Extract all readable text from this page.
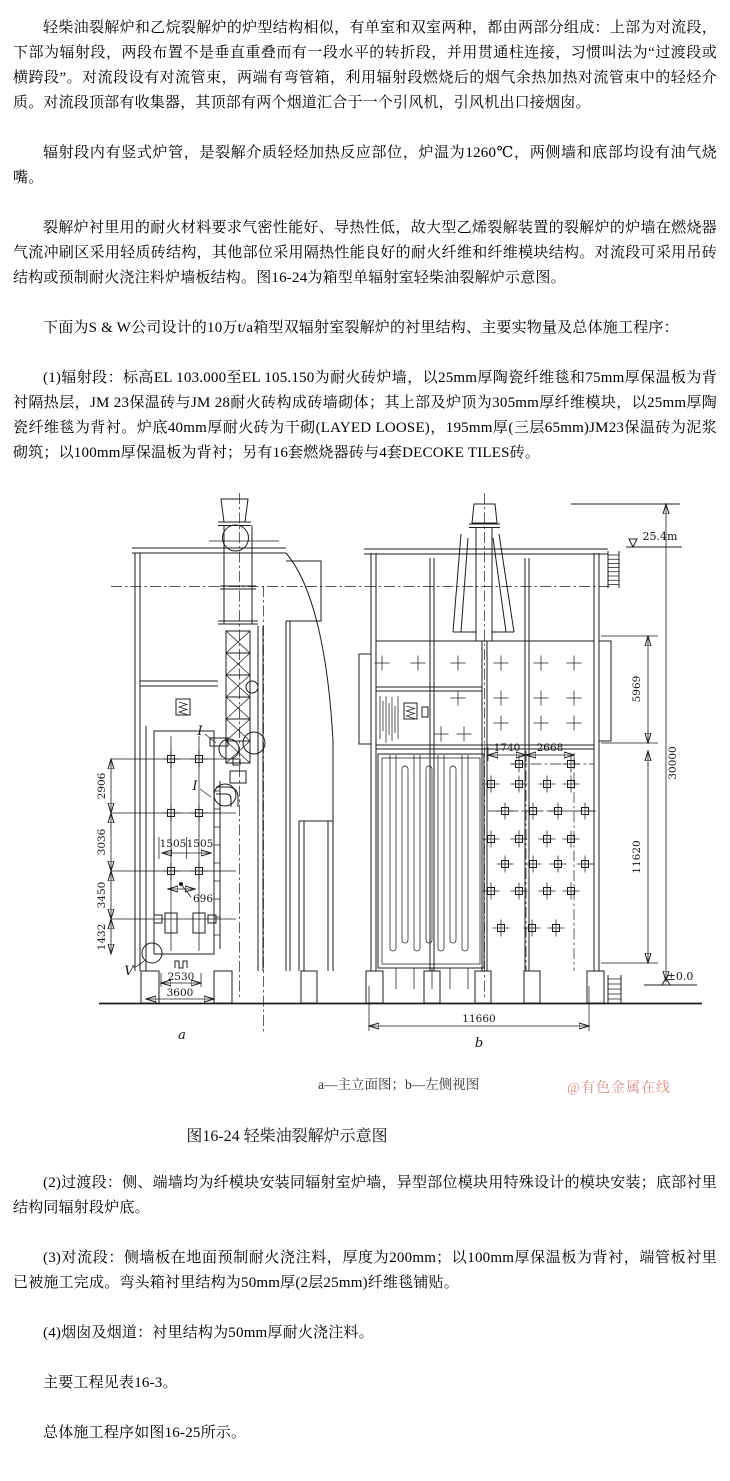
轻柴油裂解炉和乙烷裂解炉的炉型结构相似，有单室和双室两种，都由两部分组成：上部为对流段，下部为辐射段，两段布置不是垂直重叠而有一段水平的转折段，并用贯通柱连接，习惯叫法为“过渡段或横跨段”。对流段设有对流管束，两端有弯管箱，利用辐射段燃烧后的烟气余热加热对流管束中的轻烃介质。对流段顶部有收集器，其顶部有两个烟道汇合于一个引风机，引风机出口接烟囱。

辐射段内有竖式炉管，是裂解介质轻烃加热反应部位，炉温为1260℃，两侧墙和底部均设有油气烧嘴。

裂解炉衬里用的耐火材料要求气密性能好、导热性低，故大型乙烯裂解装置的裂解炉的炉墙在燃烧器气流冲刷区采用轻质砖结构，其他部位采用隔热性能良好的耐火纤维和纤维模块结构。对流段可采用吊砖结构或预制耐火浇注料炉墙板结构。图16-24为箱型单辐射室轻柴油裂解炉示意图。

下面为S & W公司设计的10万t/a箱型双辐射室裂解炉的衬里结构、主要实物量及总体施工程序：

(1)辐射段：标高EL 103.000至EL 105.150为耐火砖炉墙，以25mm厚陶瓷纤维毯和75mm厚保温板为背衬隔热层，JM 23保温砖与JM 28耐火砖构成砖墙砌体；其上部及炉顶为305mm厚纤维模块，以25mm厚陶瓷纤维毯为背衬。炉底40mm厚耐火砖为干砌(LAYED LOOSE)，195mm厚(三层65mm)JM23保温砖为泥浆砌筑；以100mm厚保温板为背衬；另有16套燃烧器砖与4套DECOKE TILES砖。

I
I
V
2906
3036
3450
1432
1505 1505
696
2530
3600
a
1740 2668
25.4m
30000
5969
11620
±0.0
11660
b
a—主立面图；b—左侧视图	@有色金属在线
图16-24 轻柴油裂解炉示意图

(2)过渡段：侧、端墙均为纤模块安装同辐射室炉墙，异型部位模块用特殊设计的模块安装；底部衬里结构同辐射段炉底。

(3)对流段：侧墙板在地面预制耐火浇注料，厚度为200mm；以100mm厚保温板为背衬，端管板衬里已被施工完成。弯头箱衬里结构为50mm厚(2层25mm)纤维毯铺贴。

(4)烟囱及烟道：衬里结构为50mm厚耐火浇注料。

主要工程见表16-3。

总体施工程序如图16-25所示。
